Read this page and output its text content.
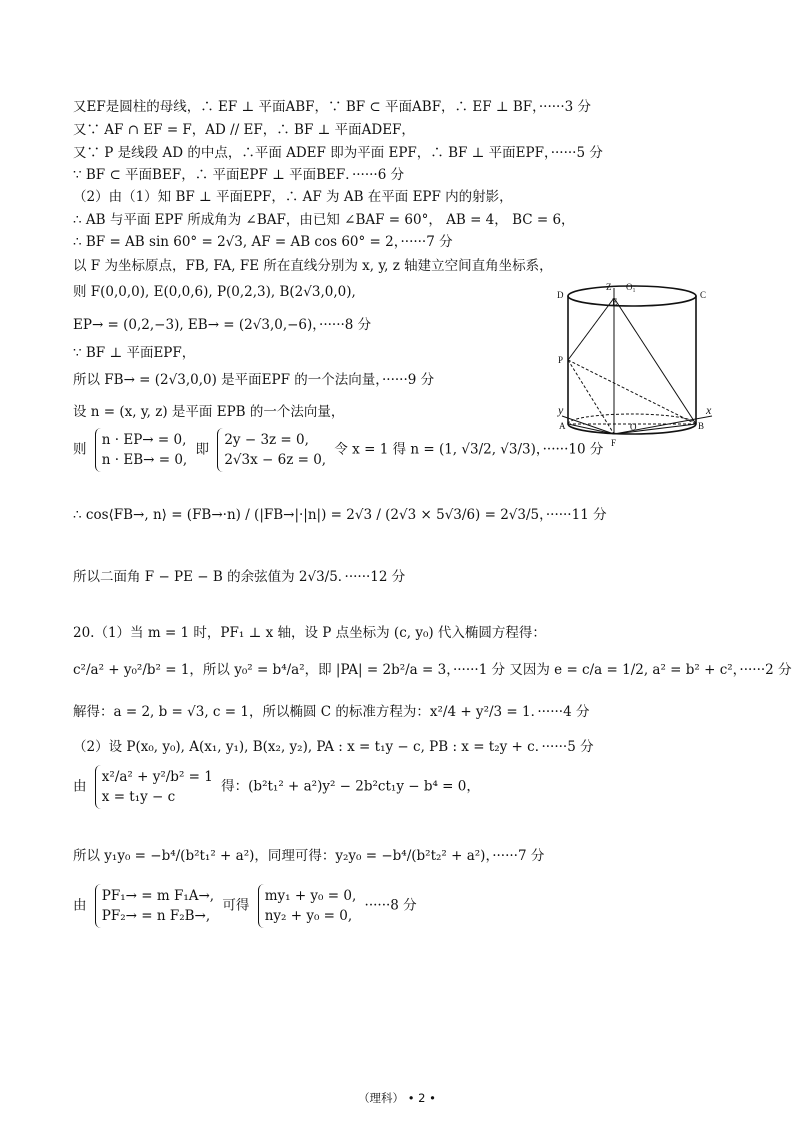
又EF是圆柱的母线，∴ EF ⊥ 平面ABF，∵ BF ⊂ 平面ABF，∴ EF ⊥ BF，······3 分
又∵ AF ∩ EF = F，AD // EF，∴ BF ⊥ 平面ADEF，
又∵ P 是线段 AD 的中点，∴平面 ADEF 即为平面 EPF，∴ BF ⊥ 平面EPF，······5 分
∵ BF ⊂ 平面BEF，∴ 平面EPF ⊥ 平面BEF．······6 分
（2）由（1）知 BF ⊥ 平面EPF，∴ AF 为 AB 在平面 EPF 内的射影，
∴ AB 与平面 EPF 所成角为 ∠BAF，由已知 ∠BAF = 60°， AB = 4， BC = 6，
∴ BF = AB sin 60° = 2√3, AF = AB cos 60° = 2，······7 分
以 F 为坐标原点，FB, FA, FE 所在直线分别为 x, y, z 轴建立空间直角坐标系，
则 F(0,0,0), E(0,0,6), P(0,2,3), B(2√3,0,0),
EP→ = (0,2,−3), EB→ = (2√3,0,−6)，······8 分
∵ BF ⊥ 平面EPF，
所以 FB→ = (2√3,0,0) 是平面EPF 的一个法向量，······9 分
设 n = (x, y, z) 是平面 EPB 的一个法向量，
则
n · EP→ = 0,
n · EB→ = 0,
即
2y − 3z = 0,
2√3x − 6z = 0,
令 x = 1 得 n = (1, √3/2, √3/3)，······10 分
∴ cos⟨FB→, n⟩ = (FB→·n) / (|FB→|·|n|) = 2√3 / (2√3 × 5√3/6) = 2√3/5，······11 分
所以二面角 F − PE − B 的余弦值为 2√3/5．······12 分
20.（1）当 m = 1 时，PF₁ ⊥ x 轴，设 P 点坐标为 (c, y₀) 代入椭圆方程得：
c²/a² + y₀²/b² = 1，所以 y₀² = b⁴/a²，即 |PA| = 2b²/a = 3，······1 分 又因为 e = c/a = 1/2, a² = b² + c²，······2 分
解得：a = 2, b = √3, c = 1，所以椭圆 C 的标准方程为：x²/4 + y²/3 = 1．······4 分
（2）设 P(x₀, y₀), A(x₁, y₁), B(x₂, y₂), PA : x = t₁y − c, PB : x = t₂y + c．······5 分
由
x²/a² + y²/b² = 1
x = t₁y − c
得：(b²t₁² + a²)y² − 2b²ct₁y − b⁴ = 0，
所以 y₁y₀ = −b⁴/(b²t₁² + a²)，同理可得：y₂y₀ = −b⁴/(b²t₂² + a²)，······7 分
由
PF₁→ = m F₁A→,
PF₂→ = n F₂B→,
可得
my₁ + y₀ = 0,
ny₂ + y₀ = 0,
······8 分
D	C
Z O₁
E
P
y	x
A	O	B
F
（理科） • 2 •
